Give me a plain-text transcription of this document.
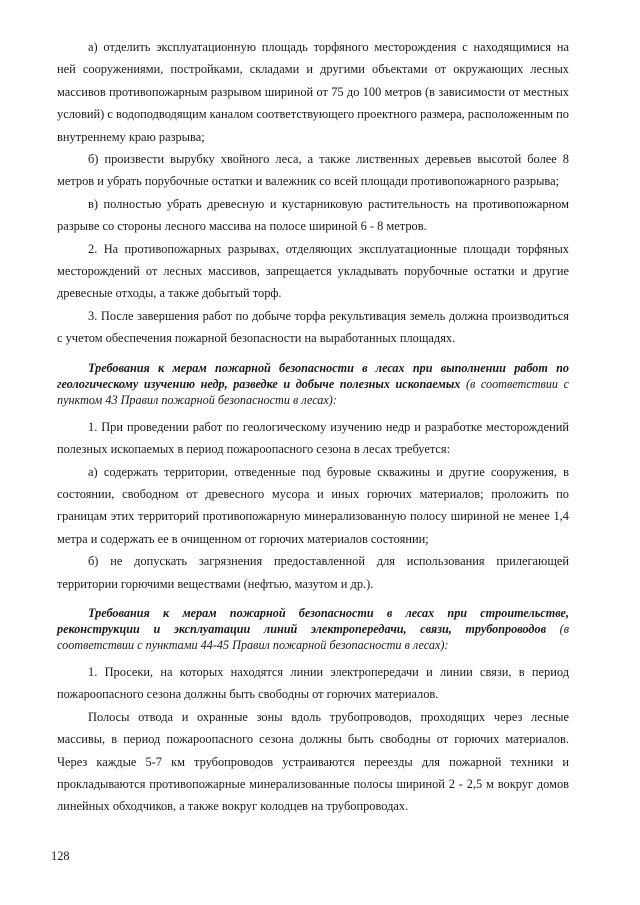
а) отделить эксплуатационную площадь торфяного месторождения с находящимися на ней сооружениями, постройками, складами и другими объектами от окружающих лесных массивов противопожарным разрывом шириной от 75 до 100 метров (в зависимости от местных условий) с водоподводящим каналом соответствующего проектного размера, расположенным по внутреннему краю разрыва;

б) произвести вырубку хвойного леса, а также лиственных деревьев высотой более 8 метров и убрать порубочные остатки и валежник со всей площади противопожарного разрыва;

в) полностью убрать древесную и кустарниковую растительность на противопожарном разрыве со стороны лесного массива на полосе шириной 6 - 8 метров.

2. На противопожарных разрывах, отделяющих эксплуатационные площади торфяных месторождений от лесных массивов, запрещается укладывать порубочные остатки и другие древесные отходы, а также добытый торф.

3. После завершения работ по добыче торфа рекультивация земель должна производиться с учетом обеспечения пожарной безопасности на выработанных площадях.

Требования к мерам пожарной безопасности в лесах при выполнении работ по геологическому изучению недр, разведке и добыче полезных ископаемых (в соответствии с пунктом 43 Правил пожарной безопасности в лесах):

1. При проведении работ по геологическому изучению недр и разработке месторождений полезных ископаемых в период пожароопасного сезона в лесах требуется:

а) содержать территории, отведенные под буровые скважины и другие сооружения, в состоянии, свободном от древесного мусора и иных горючих материалов; проложить по границам этих территорий противопожарную минерализованную полосу шириной не менее 1,4 метра и содержать ее в очищенном от горючих материалов состоянии;

б) не допускать загрязнения предоставленной для использования прилегающей территории горючими веществами (нефтью, мазутом и др.).

Требования к мерам пожарной безопасности в лесах при строительстве, реконструкции и эксплуатации линий электропередачи, связи, трубопроводов (в соответствии с пунктами 44-45 Правил пожарной безопасности в лесах):

1. Просеки, на которых находятся линии электропередачи и линии связи, в период пожароопасного сезона должны быть свободны от горючих материалов.

Полосы отвода и охранные зоны вдоль трубопроводов, проходящих через лесные массивы, в период пожароопасного сезона должны быть свободны от горючих материалов. Через каждые 5-7 км трубопроводов устраиваются переезды для пожарной техники и прокладываются противопожарные минерализованные полосы шириной 2 - 2,5 м вокруг домов линейных обходчиков, а также вокруг колодцев на трубопроводах.

128
